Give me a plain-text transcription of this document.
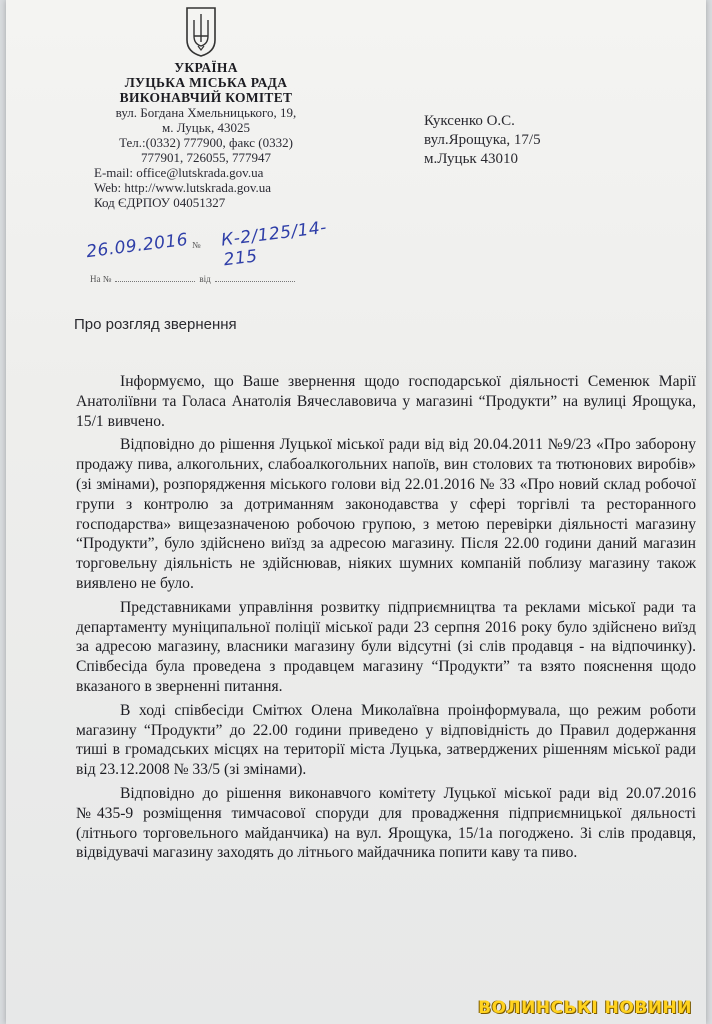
УКРАЇНА
ЛУЦЬКА МІСЬКА РАДА
ВИКОНАВЧИЙ КОМІТЕТ
вул. Богдана Хмельницького, 19,
м. Луцьк, 43025
Тел.:(0332) 777900, факс (0332)
777901, 726055, 777947
E-mail: office@lutskrada.gov.ua
Web: http://www.lutskrada.gov.ua
Код ЄДРПОУ 04051327
26.09.2016 № К-2/125/14-215
На №	від
Куксенко О.С.
вул.Ярощука, 17/5
м.Луцьк 43010
Про розгляд звернення

Інформуємо, що Ваше звернення щодо господарської діяльності Семенюк Марії Анатоліївни та Голаса Анатолія Вячеславовича у магазині “Продукти” на вулиці Ярощука, 15/1 вивчено.

Відповідно до рішення Луцької міської ради від від 20.04.2011 №9/23 «Про заборону продажу пива, алкогольних, слабоалкогольних напоїв, вин столових та тютюнових виробів» (зі змінами), розпорядження міського голови від 22.01.2016 № 33 «Про новий склад робочої групи з контролю за дотриманням законодавства у сфері торгівлі та ресторанного господарства» вищезазначеною робочою групою, з метою перевірки діяльності магазину “Продукти”, було здійснено виїзд за адресою магазину. Після 22.00 години даний магазин торговельну діяльність не здійснював, ніяких шумних компаній поблизу магазину також виявлено не було.

Представниками управління розвитку підприємництва та реклами міської ради та департаменту муніципальної поліції міської ради 23 серпня 2016 року було здійснено виїзд за адресою магазину, власники магазину були відсутні (зі слів продавця - на відпочинку). Співбесіда була проведена з продавцем магазину “Продукти” та взято пояснення щодо вказаного в зверненні питання.

В ході співбесіди Смітюх Олена Миколаївна проінформувала, що режим роботи магазину “Продукти” до 22.00 години приведено у відповідність до Правил додержання тиші в громадських місцях на території міста Луцька, затверджених рішенням міської ради від 23.12.2008 № 33/5 (зі змінами).

Відповідно до рішення виконавчого комітету Луцької міської ради від 20.07.2016 №435-9 розміщення тимчасової споруди для провадження підприємницької дяльності (літнього торговельного майданчика) на вул. Ярощука, 15/1а погоджено. Зі слів продавця, відвідувачі магазину заходять до літнього майдачника попити каву та пиво.

ВОЛИНСЬКІ НОВИНИ
